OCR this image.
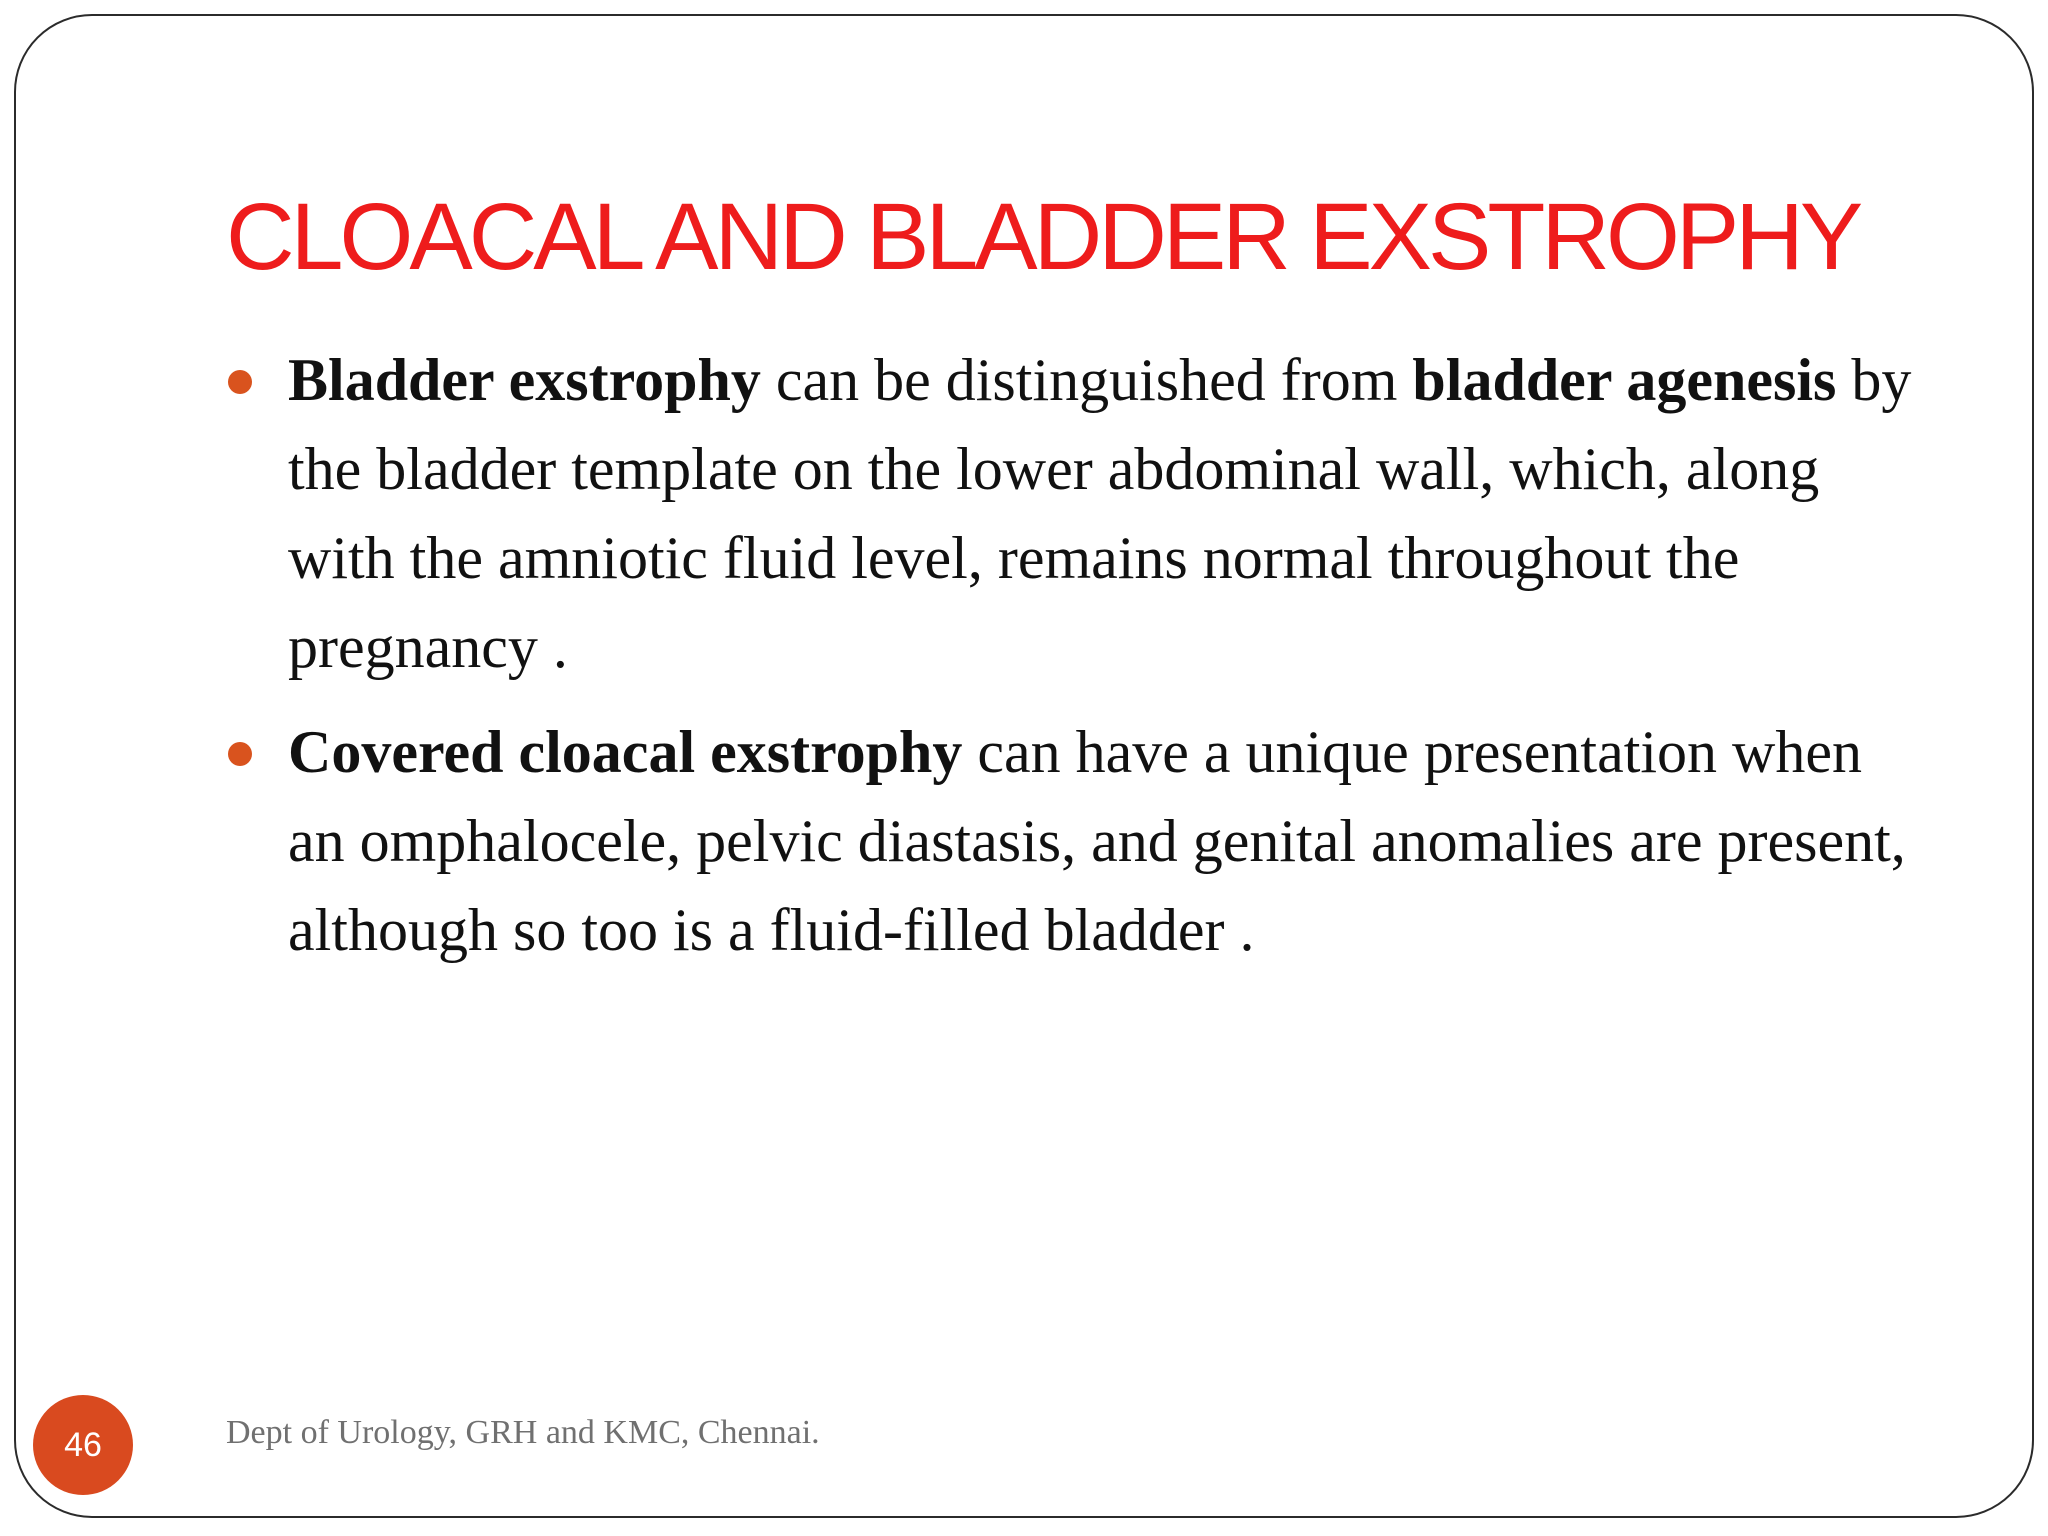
CLOACAL AND BLADDER EXSTROPHY
Bladder exstrophy can be distinguished from bladder agenesis by the bladder template on the lower abdominal wall, which, along with the amniotic fluid level, remains normal throughout the pregnancy .
Covered cloacal exstrophy can have a unique presentation when an omphalocele, pelvic diastasis, and genital anomalies are present, although so too is a fluid-filled bladder .
46	Dept of Urology, GRH and KMC, Chennai.
